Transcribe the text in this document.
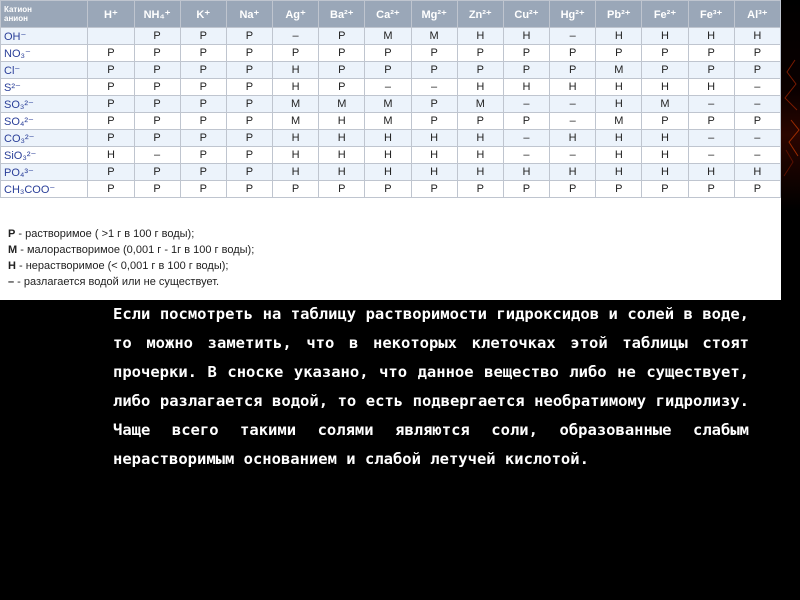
Катион
анион	H⁺	NH₄⁺	K⁺	Na⁺	Ag⁺	Ba²⁺	Ca²⁺	Mg²⁺	Zn²⁺	Cu²⁺	Hg²⁺	Pb²⁺	Fe²⁺	Fe³⁺	Al³⁺
OH⁻		Р	Р	Р	–	Р	М	М	Н	Н	–	Н	Н	Н	Н
NO₃⁻	Р	Р	Р	Р	Р	Р	Р	Р	Р	Р	Р	Р	Р	Р	Р
Cl⁻	Р	Р	Р	Р	Н	Р	Р	Р	Р	Р	Р	М	Р	Р	Р
S²⁻	Р	Р	Р	Р	Н	Р	–	–	Н	Н	Н	Н	Н	Н	–
SO₃²⁻	Р	Р	Р	Р	М	М	М	Р	М	–	–	Н	М	–	–
SO₄²⁻	Р	Р	Р	Р	М	Н	М	Р	Р	Р	–	М	Р	Р	Р
CO₃²⁻	Р	Р	Р	Р	Н	Н	Н	Н	Н	–	Н	Н	Н	–	–
SiO₃²⁻	Н	–	Р	Р	Н	Н	Н	Н	Н	–	–	Н	Н	–	–
PO₄³⁻	Р	Р	Р	Р	Н	Н	Н	Н	Н	Н	Н	Н	Н	Н	Н
CH₃COO⁻	Р	Р	Р	Р	Р	Р	Р	Р	Р	Р	Р	Р	Р	Р	Р
Р - растворимое ( >1 г в 100 г воды);
М - малорастворимое (0,001 г - 1г в 100 г воды);
Н - нерастворимое (< 0,001 г в 100 г воды);
– - разлагается водой или не существует.
Если посмотреть на таблицу растворимости гидроксидов и солей в воде, то можно заметить, что в некоторых клеточках этой таблицы стоят прочерки. В сноске указано, что данное вещество либо не существует, либо разлагается водой, то есть подвергается необратимому гидролизу. Чаще всего такими солями являются соли, образованные слабым нерастворимым основанием и слабой летучей кислотой.
